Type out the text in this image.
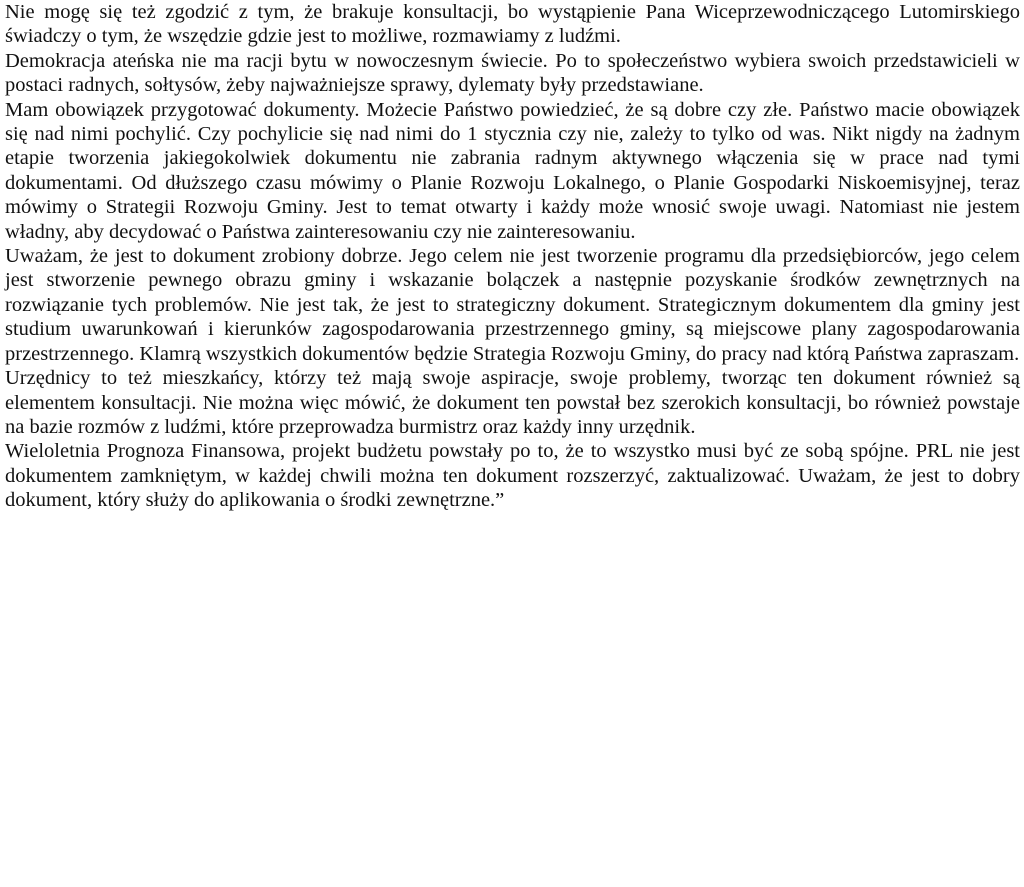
Nie mogę się też zgodzić z tym, że brakuje konsultacji, bo wystąpienie Pana Wiceprzewodniczącego Lutomirskiego świadczy o tym, że wszędzie gdzie jest to możliwe, rozmawiamy z ludźmi.

Demokracja ateńska nie ma racji bytu w nowoczesnym świecie. Po to społeczeństwo wybiera swoich przedstawicieli w postaci radnych, sołtysów, żeby najważniejsze sprawy, dylematy były przedstawiane.

Mam obowiązek przygotować dokumenty. Możecie Państwo powiedzieć, że są dobre czy złe. Państwo macie obowiązek się nad nimi pochylić. Czy pochylicie się nad nimi do 1 stycznia czy nie, zależy to tylko od was. Nikt nigdy na żadnym etapie tworzenia jakiegokolwiek dokumentu nie zabrania radnym aktywnego włączenia się w prace nad tymi dokumentami. Od dłuższego czasu mówimy o Planie Rozwoju Lokalnego, o Planie Gospodarki Niskoemisyjnej, teraz mówimy o Strategii Rozwoju Gminy. Jest to temat otwarty i każdy może wnosić swoje uwagi. Natomiast nie jestem władny, aby decydować o Państwa zainteresowaniu czy nie zainteresowaniu.

Uważam, że jest to dokument zrobiony dobrze. Jego celem nie jest tworzenie programu dla przedsiębiorców, jego celem jest stworzenie pewnego obrazu gminy i wskazanie bolączek a następnie pozyskanie środków zewnętrznych na rozwiązanie tych problemów. Nie jest tak, że jest to strategiczny dokument. Strategicznym dokumentem dla gminy jest studium uwarunkowań i kierunków zagospodarowania przestrzennego gminy, są miejscowe plany zagospodarowania przestrzennego. Klamrą wszystkich dokumentów będzie Strategia Rozwoju Gminy, do pracy nad którą Państwa zapraszam.

Urzędnicy to też mieszkańcy, którzy też mają swoje aspiracje, swoje problemy, tworząc ten dokument również są elementem konsultacji. Nie można więc mówić, że dokument ten powstał bez szerokich konsultacji, bo również powstaje na bazie rozmów z ludźmi, które przeprowadza burmistrz oraz każdy inny urzędnik.

Wieloletnia Prognoza Finansowa, projekt budżetu powstały po to, że to wszystko musi być ze sobą spójne. PRL nie jest dokumentem zamkniętym, w każdej chwili można ten dokument rozszerzyć, zaktualizować. Uważam, że jest to dobry dokument, który służy do aplikowania o środki zewnętrzne.”
